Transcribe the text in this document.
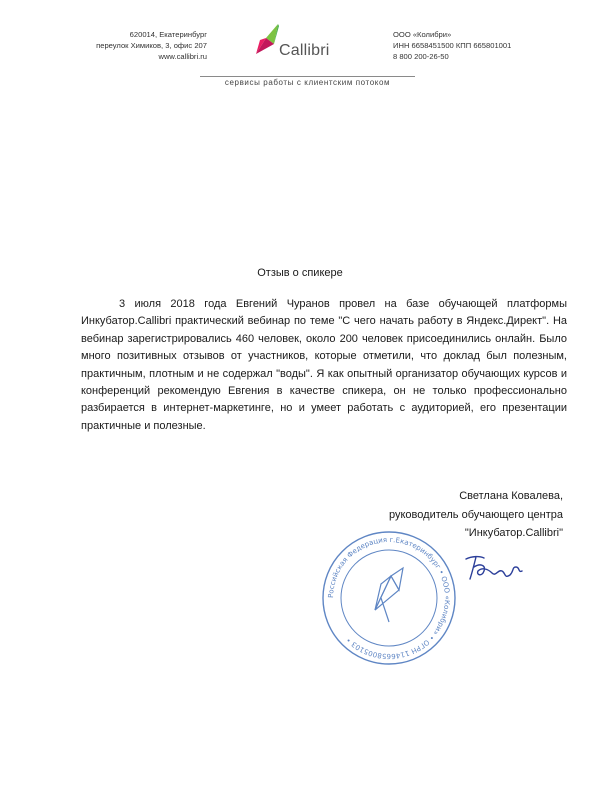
620014, Екатеринбург
переулок Химиков, 3, офис 207
www.callibri.ru	Callibri
ООО «Колибри»
ИНН 6658451500 КПП 665801001
8 800 200-26-50
сервисы работы с клиентским потоком
Отзыв о спикере
3 июля 2018 года Евгений Чуранов провел на базе обучающей платформы Инкубатор.Callibri практический вебинар по теме "С чего начать работу в Яндекс.Директ". На вебинар зарегистрировались 460 человек, около 200 человек присоединились онлайн. Было много позитивных отзывов от участников, которые отметили, что доклад был полезным, практичным, плотным и не содержал "воды". Я как опытный организатор обучающих курсов и конференций рекомендую Евгения в качестве спикера, он не только профессионально разбирается в интернет-маркетинге, но и умеет работать с аудиторией, его презентации практичные и полезные.
Светлана Ковалева,
руководитель обучающего центра
"Инкубатор.Callibri"
Российская Федерация г.Екатеринбург • ООО «Колибри» • ОГРН 1146658005103 •
